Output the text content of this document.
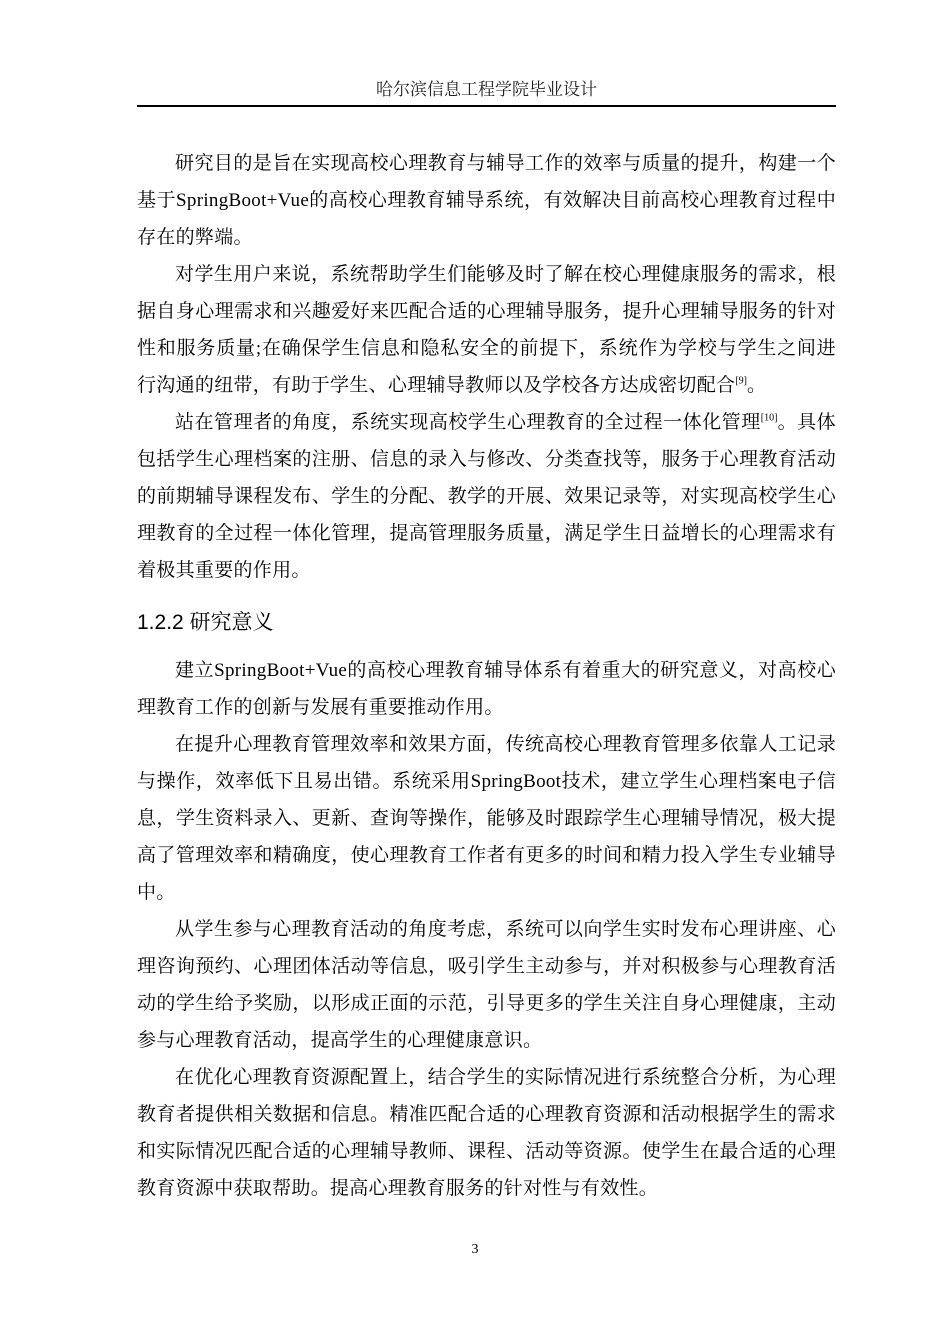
哈尔滨信息工程学院毕业设计

研究目的是旨在实现高校心理教育与辅导工作的效率与质量的提升，构建一个基于SpringBoot+Vue的高校心理教育辅导系统，有效解决目前高校心理教育过程中存在的弊端。

对学生用户来说，系统帮助学生们能够及时了解在校心理健康服务的需求，根据自身心理需求和兴趣爱好来匹配合适的心理辅导服务，提升心理辅导服务的针对性和服务质量;在确保学生信息和隐私安全的前提下，系统作为学校与学生之间进行沟通的纽带，有助于学生、心理辅导教师以及学校各方达成密切配合[9]。

站在管理者的角度，系统实现高校学生心理教育的全过程一体化管理[10]。具体包括学生心理档案的注册、信息的录入与修改、分类查找等，服务于心理教育活动的前期辅导课程发布、学生的分配、教学的开展、效果记录等，对实现高校学生心理教育的全过程一体化管理，提高管理服务质量，满足学生日益增长的心理需求有着极其重要的作用。

1.2.2 研究意义

建立SpringBoot+Vue的高校心理教育辅导体系有着重大的研究意义，对高校心理教育工作的创新与发展有重要推动作用。

在提升心理教育管理效率和效果方面，传统高校心理教育管理多依靠人工记录与操作，效率低下且易出错。系统采用SpringBoot技术，建立学生心理档案电子信息，学生资料录入、更新、查询等操作，能够及时跟踪学生心理辅导情况，极大提高了管理效率和精确度，使心理教育工作者有更多的时间和精力投入学生专业辅导中。

从学生参与心理教育活动的角度考虑，系统可以向学生实时发布心理讲座、心理咨询预约、心理团体活动等信息，吸引学生主动参与，并对积极参与心理教育活动的学生给予奖励，以形成正面的示范，引导更多的学生关注自身心理健康，主动参与心理教育活动，提高学生的心理健康意识。

在优化心理教育资源配置上，结合学生的实际情况进行系统整合分析，为心理教育者提供相关数据和信息。精准匹配合适的心理教育资源和活动根据学生的需求和实际情况匹配合适的心理辅导教师、课程、活动等资源。使学生在最合适的心理教育资源中获取帮助。提高心理教育服务的针对性与有效性。

3
